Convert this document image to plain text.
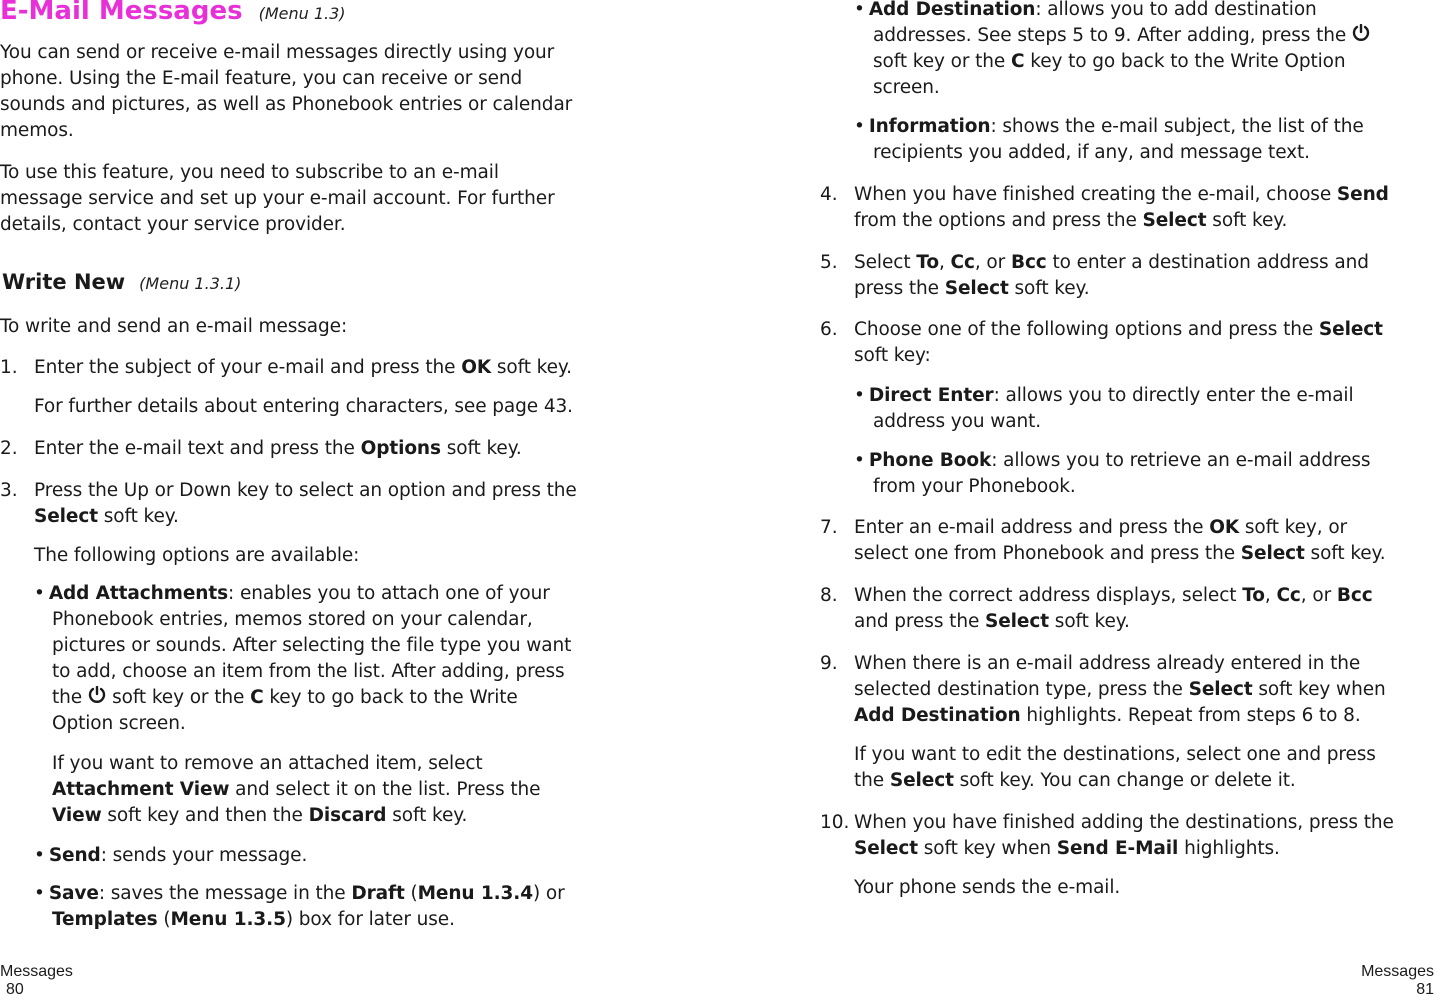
E-Mail Messages (Menu 1.3)
You can send or receive e-mail messages directly using your
phone. Using the E-mail feature, you can receive or send
sounds and pictures, as well as Phonebook entries or calendar
memos.
To use this feature, you need to subscribe to an e-mail
message service and set up your e-mail account. For further
details, contact your service provider.
Write New (Menu 1.3.1)
To write and send an e-mail message:
1. Enter the subject of your e-mail and press the OK soft key.
For further details about entering characters, see page 43.
2. Enter the e-mail text and press the Options soft key.
3. Press the Up or Down key to select an option and press the
Select soft key.
The following options are available:
• Add Attachments: enables you to attach one of your
Phonebook entries, memos stored on your calendar,
pictures or sounds. After selecting the file type you want
to add, choose an item from the list. After adding, press
the soft key or the C key to go back to the Write
Option screen.
If you want to remove an attached item, select
Attachment View and select it on the list. Press the
View soft key and then the Discard soft key.
• Send: sends your message.
• Save: saves the message in the Draft (Menu 1.3.4) or
Templates (Menu 1.3.5) box for later use.
Messages
80
• Add Destination: allows you to add destination
addresses. See steps 5 to 9. After adding, press the
soft key or the C key to go back to the Write Option
screen.
• Information: shows the e-mail subject, the list of the
recipients you added, if any, and message text.
4. When you have finished creating the e-mail, choose Send
from the options and press the Select soft key.
5. Select To, Cc, or Bcc to enter a destination address and
press the Select soft key.
6. Choose one of the following options and press the Select
soft key:
• Direct Enter: allows you to directly enter the e-mail
address you want.
• Phone Book: allows you to retrieve an e-mail address
from your Phonebook.
7. Enter an e-mail address and press the OK soft key, or
select one from Phonebook and press the Select soft key.
8. When the correct address displays, select To, Cc, or Bcc
and press the Select soft key.
9. When there is an e-mail address already entered in the
selected destination type, press the Select soft key when
Add Destination highlights. Repeat from steps 6 to 8.
If you want to edit the destinations, select one and press
the Select soft key. You can change or delete it.
10. When you have finished adding the destinations, press the
Select soft key when Send E-Mail highlights.
Your phone sends the e-mail.
Messages
81
